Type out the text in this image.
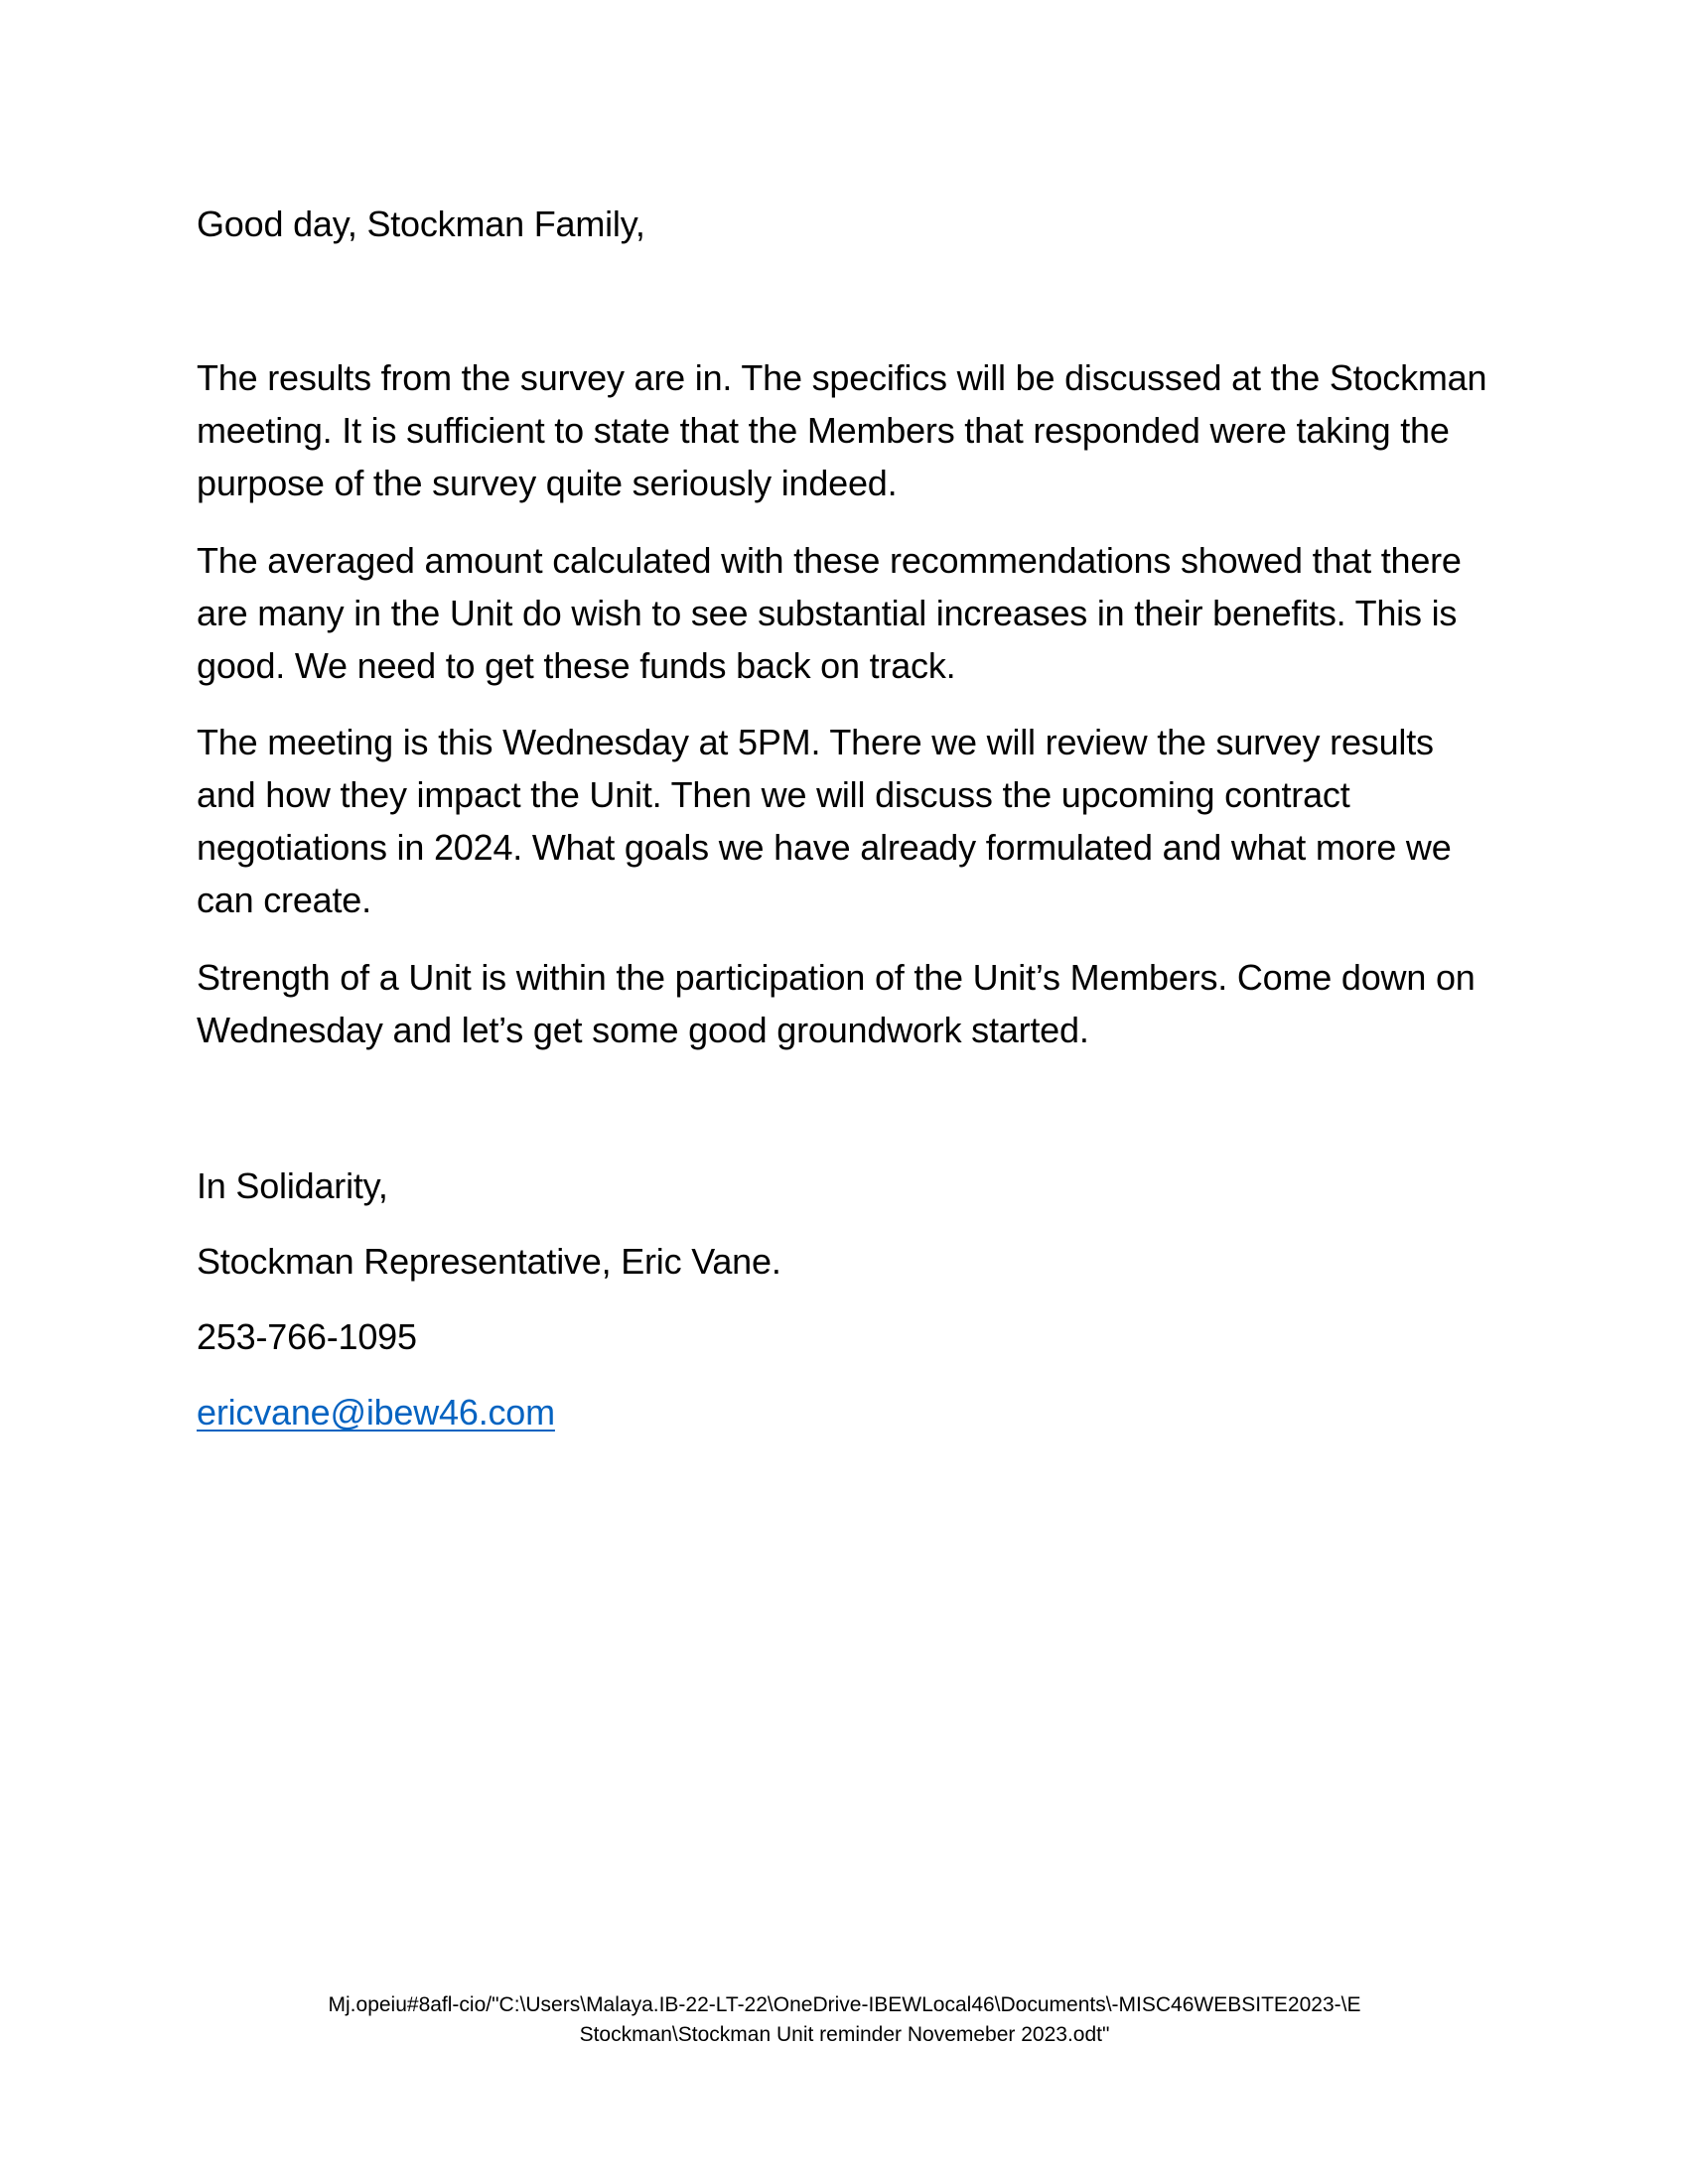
Good day, Stockman Family,

The results from the survey are in. The specifics will be discussed at the Stockman meeting. It is sufficient to state that the Members that responded were taking the purpose of the survey quite seriously indeed.

The averaged amount calculated with these recommendations showed that there are many in the Unit do wish to see substantial increases in their benefits. This is good. We need to get these funds back on track.

The meeting is this Wednesday at 5PM. There we will review the survey results and how they impact the Unit. Then we will discuss the upcoming contract negotiations in 2024. What goals we have already formulated and what more we can create.

Strength of a Unit is within the participation of the Unit’s Members. Come down on Wednesday and let’s get some good groundwork started.

In Solidarity,

Stockman Representative, Eric Vane.

253-766-1095

ericvane@ibew46.com

Mj.opeiu#8afl-cio/"C:\Users\Malaya.IB-22-LT-22\OneDrive-IBEWLocal46\Documents\-MISC46WEBSITE2023-\E
Stockman\Stockman Unit reminder Novemeber 2023.odt"
